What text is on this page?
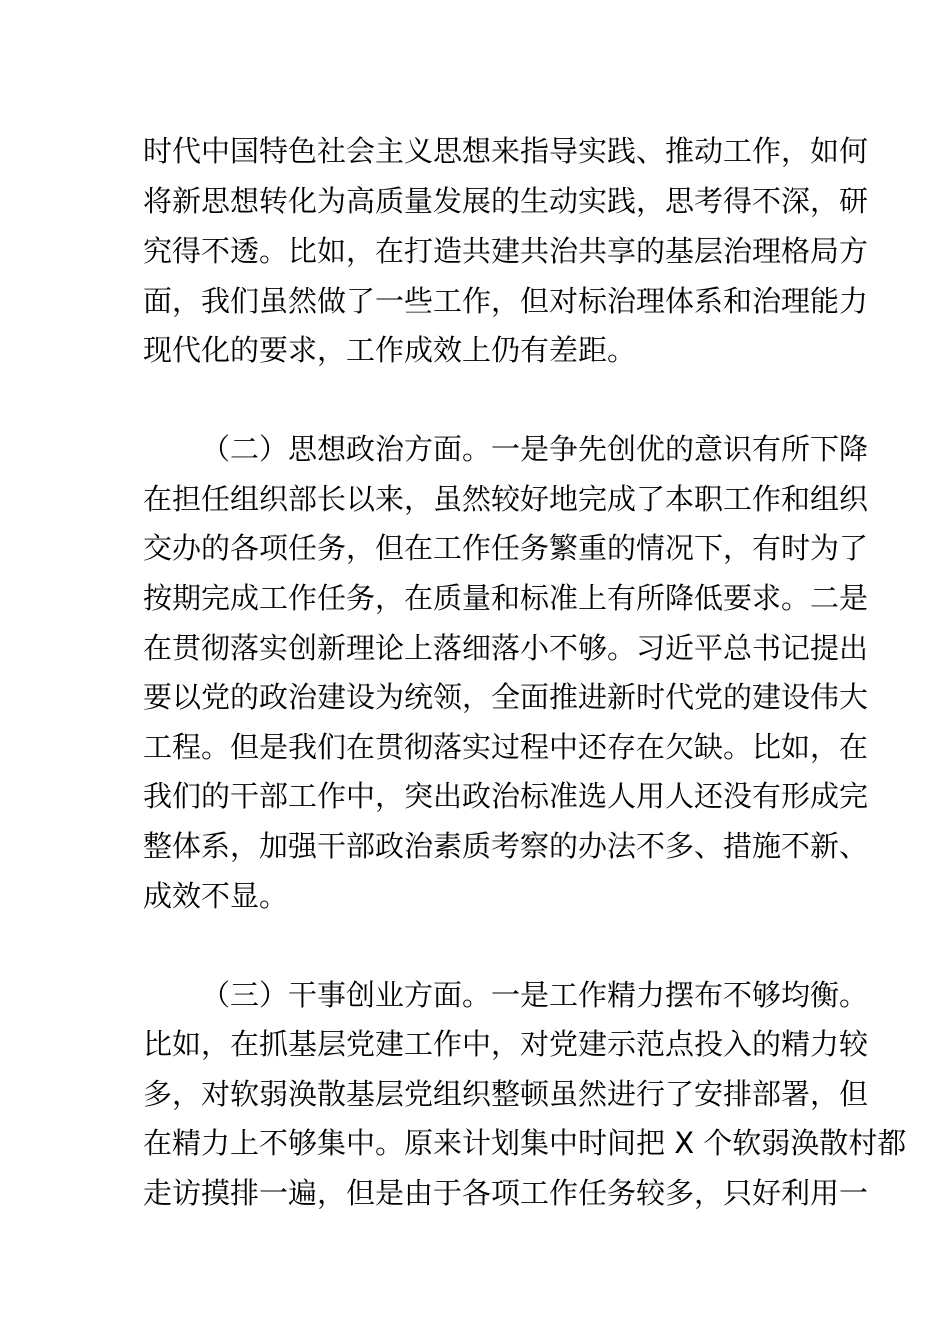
时代中国特色社会主义思想来指导实践、推动工作，如何
将新思想转化为高质量发展的生动实践，思考得不深，研
究得不透。比如，在打造共建共治共享的基层治理格局方
面，我们虽然做了一些工作，但对标治理体系和治理能力
现代化的要求，工作成效上仍有差距。
（二）思想政治方面。一是争先创优的意识有所下降
在担任组织部长以来，虽然较好地完成了本职工作和组织
交办的各项任务，但在工作任务繁重的情况下，有时为了
按期完成工作任务，在质量和标准上有所降低要求。二是
在贯彻落实创新理论上落细落小不够。习近平总书记提出
要以党的政治建设为统领，全面推进新时代党的建设伟大
工程。但是我们在贯彻落实过程中还存在欠缺。比如，在
我们的干部工作中，突出政治标准选人用人还没有形成完
整体系，加强干部政治素质考察的办法不多、措施不新、
成效不显。
（三）干事创业方面。一是工作精力摆布不够均衡。
比如，在抓基层党建工作中，对党建示范点投入的精力较
多，对软弱涣散基层党组织整顿虽然进行了安排部署，但
在精力上不够集中。原来计划集中时间把 X 个软弱涣散村都
走访摸排一遍，但是由于各项工作任务较多，只好利用一
